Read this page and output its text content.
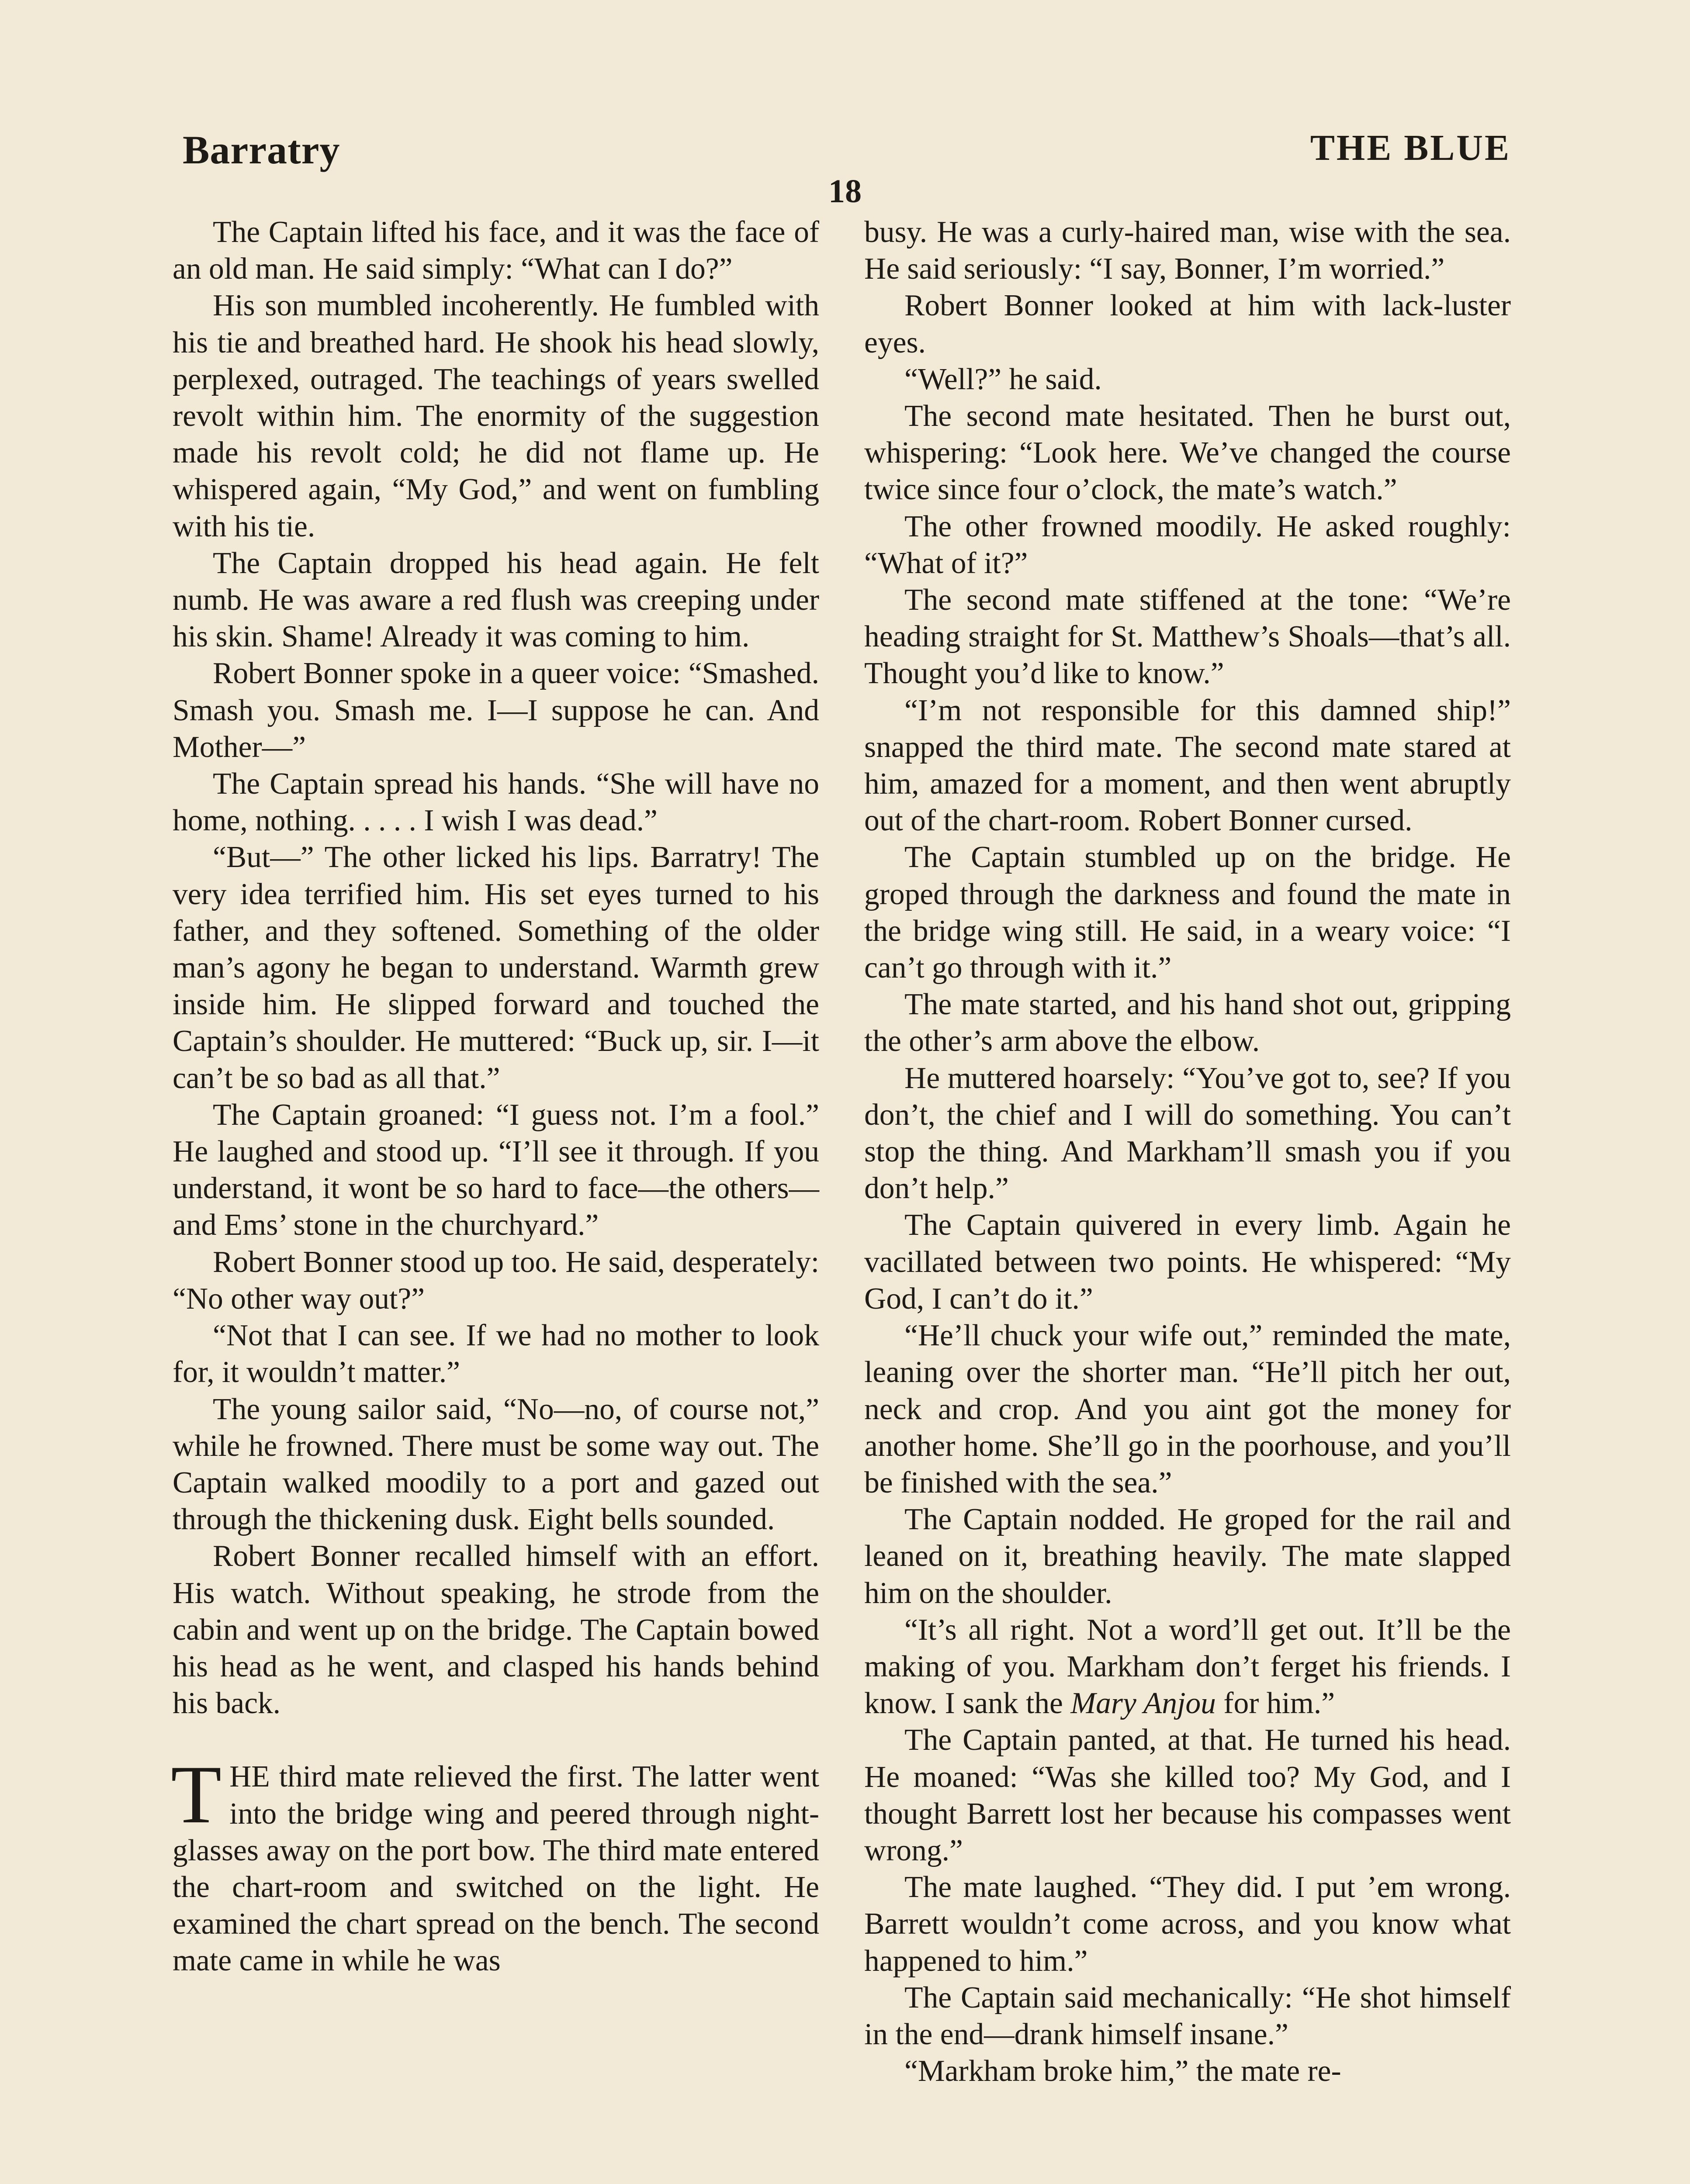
Barratry	THE BLUE
18

The Captain lifted his face, and it was the face of an old man. He said simply: “What can I do?”

His son mumbled incoherently. He fumbled with his tie and breathed hard. He shook his head slowly, perplexed, outraged. The teachings of years swelled revolt within him. The enormity of the suggestion made his revolt cold; he did not flame up. He whispered again, “My God,” and went on fumbling with his tie.

The Captain dropped his head again. He felt numb. He was aware a red flush was creeping under his skin. Shame! Already it was coming to him.

Robert Bonner spoke in a queer voice: “Smashed. Smash you. Smash me. I—I suppose he can. And Mother—”

The Captain spread his hands. “She will have no home, nothing. . . . . I wish I was dead.”

“But—” The other licked his lips. Barratry! The very idea terrified him. His set eyes turned to his father, and they softened. Something of the older man’s agony he began to understand. Warmth grew inside him. He slipped forward and touched the Captain’s shoulder. He muttered: “Buck up, sir. I—it can’t be so bad as all that.”

The Captain groaned: “I guess not. I’m a fool.” He laughed and stood up. “I’ll see it through. If you understand, it wont be so hard to face—the others—and Ems’ stone in the churchyard.”

Robert Bonner stood up too. He said, desperately: “No other way out?”

“Not that I can see. If we had no mother to look for, it wouldn’t matter.”

The young sailor said, “No—no, of course not,” while he frowned. There must be some way out. The Captain walked moodily to a port and gazed out through the thickening dusk. Eight bells sounded.

Robert Bonner recalled himself with an effort. His watch. Without speaking, he strode from the cabin and went up on the bridge. The Captain bowed his head as he went, and clasped his hands behind his back.

THE third mate relieved the first. The latter went into the bridge wing and peered through night-glasses away on the port bow. The third mate entered the chart-room and switched on the light. He examined the chart spread on the bench. The second mate came in while he was

busy. He was a curly-haired man, wise with the sea. He said seriously: “I say, Bonner, I’m worried.”

Robert Bonner looked at him with lack-luster eyes.

“Well?” he said.

The second mate hesitated. Then he burst out, whispering: “Look here. We’ve changed the course twice since four o’clock, the mate’s watch.”

The other frowned moodily. He asked roughly: “What of it?”

The second mate stiffened at the tone: “We’re heading straight for St. Matthew’s Shoals—that’s all. Thought you’d like to know.”

“I’m not responsible for this damned ship!” snapped the third mate. The second mate stared at him, amazed for a moment, and then went abruptly out of the chart-room. Robert Bonner cursed.

The Captain stumbled up on the bridge. He groped through the darkness and found the mate in the bridge wing still. He said, in a weary voice: “I can’t go through with it.”

The mate started, and his hand shot out, gripping the other’s arm above the elbow.

He muttered hoarsely: “You’ve got to, see? If you don’t, the chief and I will do something. You can’t stop the thing. And Markham’ll smash you if you don’t help.”

The Captain quivered in every limb. Again he vacillated between two points. He whispered: “My God, I can’t do it.”

“He’ll chuck your wife out,” reminded the mate, leaning over the shorter man. “He’ll pitch her out, neck and crop. And you aint got the money for another home. She’ll go in the poorhouse, and you’ll be finished with the sea.”

The Captain nodded. He groped for the rail and leaned on it, breathing heavily. The mate slapped him on the shoulder.

“It’s all right. Not a word’ll get out. It’ll be the making of you. Markham don’t ferget his friends. I know. I sank the Mary Anjou for him.”

The Captain panted, at that. He turned his head. He moaned: “Was she killed too? My God, and I thought Barrett lost her because his compasses went wrong.”

The mate laughed. “They did. I put ’em wrong. Barrett wouldn’t come across, and you know what happened to him.”

The Captain said mechanically: “He shot himself in the end—drank himself insane.”

“Markham broke him,” the mate re-
